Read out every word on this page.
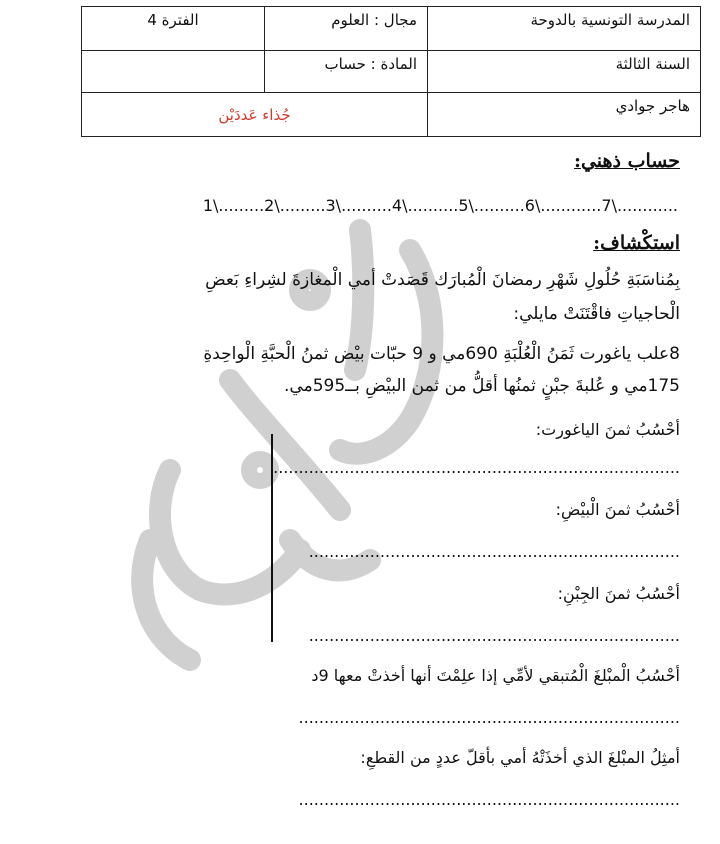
المدرسة التونسية بالدوحة	مجال : العلوم	الفترة 4
السنة الثالثة	المادة : حساب	
هاجر جوادي	جُذاء عَددَيْن	
حساب ذهني:
1\.........2\.........3\..........4\..........5\..........6\............7\............
استكْشاف:
بِمُناسَبَةِ حُلُولِ شَهْرِ رمضانَ الْمُبارَك قَصَدتْ أمي الْمغازةَ لشِراءِ بَعضِ
الْحاجياتِ فاقْتَنَتْ مايلي:
8علب ياغورت ثَمَنُ الْعُلْبَةِ 690مي و 9 حبّات بيْض ثمنُ الْحبَّةِ الْواحِدةِ
175مي و عُلبةَ جبْنٍ ثمنُها أقلُّ من ثمن البيْضِ بــ595مي.
أحْسُبُ ثمنَ الياغورت:
................................................................................
أحْسُبُ ثمنَ الْبيْضِ:
.........................................................................
أحْسُبُ ثمنَ الجِبْنِ:
.........................................................................
أحْسُبُ الْمبْلغَ الْمُتبقي لأمِّي إذا علِمْتَ أنها أخذتْ معها 9د
...........................................................................
أمثِلُ المبْلغَ الذي أخذَتْهُ أمي بأقلّ عددٍ من القطعِ:
...........................................................................
